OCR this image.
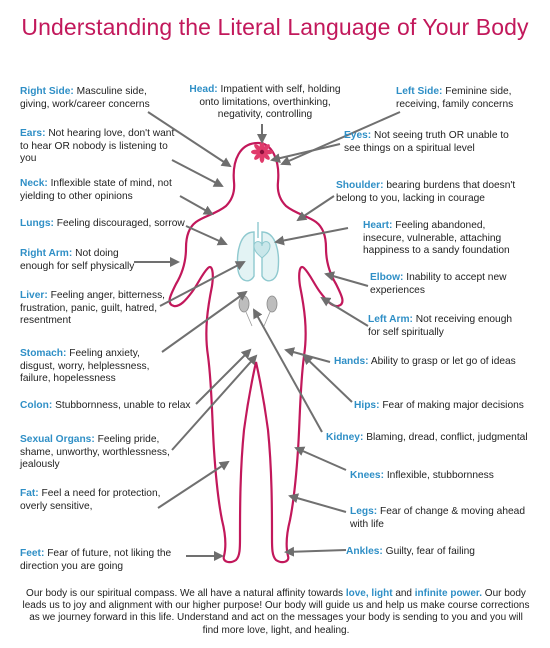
Understanding the Literal Language of Your Body
Right Side: Masculine side, giving, work/career concerns
Head: Impatient with self, holding onto limitations, overthinking, negativity, controlling
Left Side: Feminine side, receiving, family concerns
Ears: Not hearing love, don't want to hear OR nobody is listening to you
Eyes: Not seeing truth OR unable to see things on a spiritual level
Neck: Inflexible state of mind, not yielding to other opinions
Shoulder: bearing burdens that doesn't belong to you, lacking in courage
Lungs: Feeling discouraged, sorrow	Heart: Feeling abandoned, insecure, vulnerable, attaching happiness to a sandy foundation
Right Arm: Not doing enough for self physically
Elbow: Inability to accept new experiences
Liver: Feeling anger, bitterness, frustration, panic, guilt, hatred, resentment	Left Arm: Not receiving enough for self spiritually
Hands: Ability to grasp or let go of ideas
Stomach: Feeling anxiety, disgust, worry, helplessness, failure, hopelessness
Colon: Stubbornness, unable to relax	Hips: Fear of making major decisions
Sexual Organs: Feeling pride, shame, unworthy, worthlessness, jealously
Kidney: Blaming, dread, conflict, judgmental
Knees: Inflexible, stubbornness
Fat: Feel a need for protection, overly sensitive,	Legs: Fear of change & moving ahead with life
Ankles: Guilty, fear of failing
Feet: Fear of future, not liking the direction you are going
Our body is our spiritual compass. We all have a natural affinity towards love, light and infinite power. Our body leads us to joy and alignment with our higher purpose! Our body will guide us and help us make course corrections as we journey forward in this life. Understand and act on the messages your body is sending to you and you will find more love, light, and healing.
